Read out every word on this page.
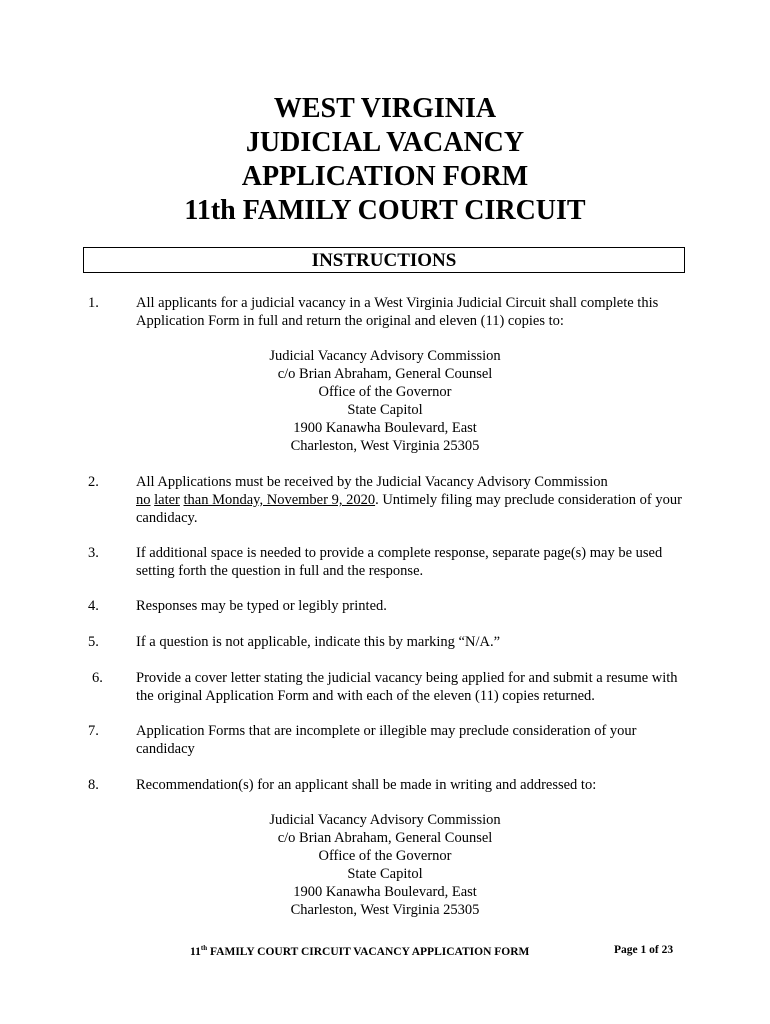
WEST VIRGINIA
JUDICIAL VACANCY
APPLICATION FORM
11th FAMILY COURT CIRCUIT
INSTRUCTIONS
1.	All applicants for a judicial vacancy in a West Virginia Judicial Circuit shall complete this Application Form in full and return the original and eleven (11) copies to:
Judicial Vacancy Advisory Commission
c/o Brian Abraham, General Counsel
Office of the Governor
State Capitol
1900 Kanawha Boulevard, East
Charleston, West Virginia 25305
2.	All Applications must be received by the Judicial Vacancy Advisory Commission
no later than Monday, November 9, 2020. Untimely filing may preclude consideration of your candidacy.
3.	If additional space is needed to provide a complete response, separate page(s) may be used setting forth the question in full and the response.
4.	Responses may be typed or legibly printed.
5.	If a question is not applicable, indicate this by marking “N/A.”
6. Provide a cover letter stating the judicial vacancy being applied for and submit a resume with the original Application Form and with each of the eleven (11) copies returned.
7.	Application Forms that are incomplete or illegible may preclude consideration of your candidacy
8.	Recommendation(s) for an applicant shall be made in writing and addressed to:
Judicial Vacancy Advisory Commission
c/o Brian Abraham, General Counsel
Office of the Governor
State Capitol
1900 Kanawha Boulevard, East
Charleston, West Virginia 25305
11th FAMILY COURT CIRCUIT VACANCY APPLICATION FORM	Page 1 of 23
